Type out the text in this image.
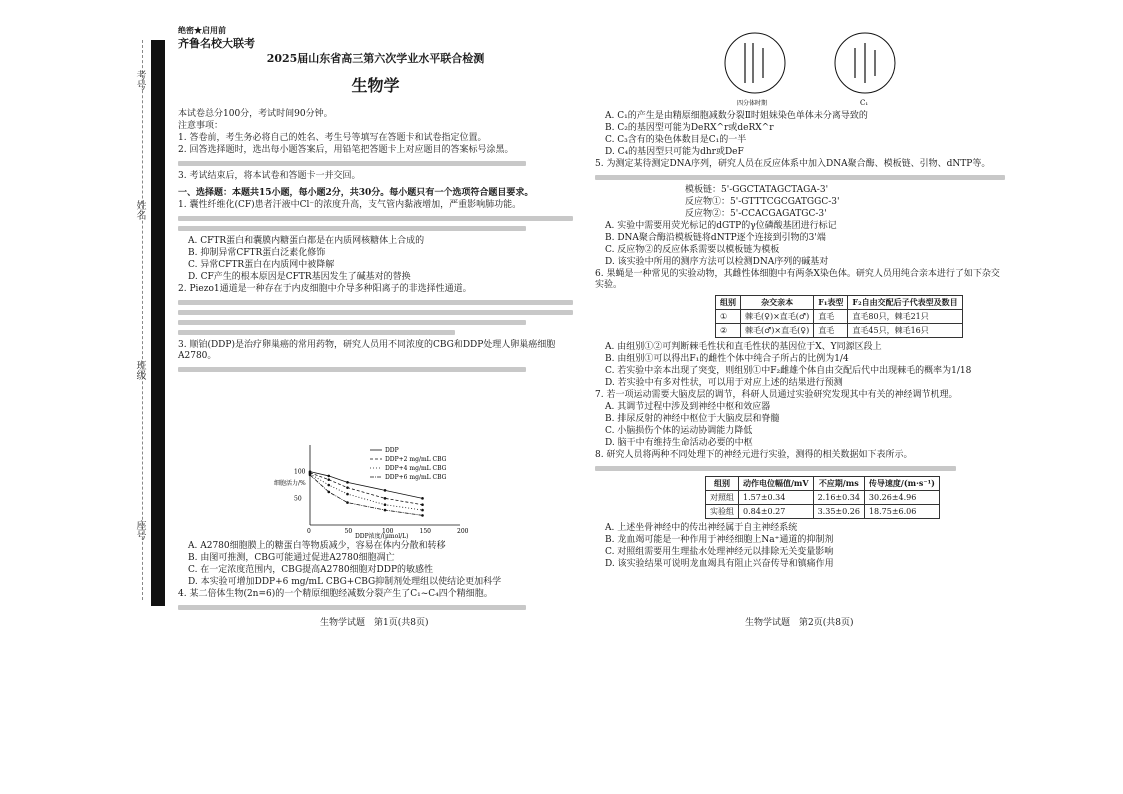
考号
姓名
班级
座号
绝密★启用前
齐鲁名校大联考
2025届山东省高三第六次学业水平联合检测
生物学
本试卷总分100分，考试时间90分钟。
注意事项：
1. 答卷前，考生务必将自己的姓名、考生号等填写在答题卡和试卷指定位置。
2. 回答选择题时，选出每小题答案后，用铅笔把答题卡上对应题目的答案标号涂黑。
3. 考试结束后，将本试卷和答题卡一并交回。
一、选择题：本题共15小题，每小题2分，共30分。每小题只有一个选项符合题目要求。
1. 囊性纤维化(CF)患者汗液中Cl⁻的浓度升高，支气管内黏液增加，严重影响肺功能。
A. CFTR蛋白和囊膜内糖蛋白都是在内质网核糖体上合成的
B. 抑制异常CFTR蛋白泛素化修饰
C. 异常CFTR蛋白在内质网中被降解
D. CF产生的根本原因是CFTR基因发生了碱基对的替换
2. Piezo1通道是一种存在于内皮细胞中介导多种阳离子的非选择性通道。
3. 顺铂(DDP)是治疗卵巢癌的常用药物，研究人员用不同浓度的CBG和DDP处理人卵巢癌细胞A2780。
细胞活力/%
DDP浓度/(μmol/L)
0	50	100	150	200
50
100
DDP
DDP+2 mg/mL CBG
DDP+4 mg/mL CBG
DDP+6 mg/mL CBG
A. A2780细胞膜上的糖蛋白等物质减少，容易在体内分散和转移
B. 由图可推测，CBG可能通过促进A2780细胞凋亡
C. 在一定浓度范围内，CBG提高A2780细胞对DDP的敏感性
D. 本实验可增加DDP+6 mg/mL CBG+CBG抑制剂处理组以使结论更加科学
4. 某二倍体生物(2n=6)的一个精原细胞经减数分裂产生了C₁~C₄四个精细胞。
生物学试题　第1页(共8页)
C₁
四分体时期
A. C₁的产生是由精原细胞减数分裂Ⅱ时姐妹染色单体未分离导致的
B. C₂的基因型可能为DeRX^r或deRX^r
C. C₃含有的染色体数目是C₁的一半
D. C₄的基因型只可能为dhr或DeF
5. 为测定某待测定DNA序列，研究人员在反应体系中加入DNA聚合酶、模板链、引物、dNTP等。
模板链：5'-GGCTATAGCTAGA-3'
反应物①：5'-GTTTCGCGATGGC-3'
反应物②：5'-CCACGAGATGC-3'
A. 实验中需要用荧光标记的dGTP的γ位磷酸基团进行标记
B. DNA聚合酶沿模板链将dNTP逐个连接到引物的3'端
C. 反应物②的反应体系需要以模板链为模板
D. 该实验中所用的测序方法可以检测DNA序列的碱基对
6. 果蝇是一种常见的实验动物，其雌性体细胞中有两条X染色体。研究人员用纯合亲本进行了如下杂交实验。
组别	杂交亲本	F₁表型	F₂自由交配后子代表型及数目
①	棘毛(♀)×直毛(♂)	直毛	直毛80只，棘毛21只
②	棘毛(♂)×直毛(♀)	直毛	直毛45只，棘毛16只
A. 由组别①②可判断棘毛性状和直毛性状的基因位于X、Y同源区段上
B. 由组别①可以得出F₁的雌性个体中纯合子所占的比例为1/4
C. 若实验中亲本出现了突变，则组别①中F₂雌雄个体自由交配后代中出现棘毛的概率为1/18
D. 若实验中有多对性状，可以用于对应上述的结果进行预测
7. 若一项运动需要大脑皮层的调节，科研人员通过实验研究发现其中有关的神经调节机理。
A. 其调节过程中涉及到神经中枢和效应器
B. 排尿反射的神经中枢位于大脑皮层和脊髓
C. 小脑损伤个体的运动协调能力降低
D. 脑干中有维持生命活动必要的中枢
8. 研究人员将两种不同处理下的神经元进行实验，测得的相关数据如下表所示。
组别	动作电位幅值/mV	不应期/ms	传导速度/(m·s⁻¹)
对照组	1.57±0.34	2.16±0.34	30.26±4.96
实验组	0.84±0.27	3.35±0.26	18.75±6.06
A. 上述坐骨神经中的传出神经属于自主神经系统
B. 龙血竭可能是一种作用于神经细胞上Na⁺通道的抑制剂
C. 对照组需要用生理盐水处理神经元以排除无关变量影响
D. 该实验结果可说明龙血竭具有阻止兴奋传导和镇痛作用
生物学试题　第2页(共8页)
